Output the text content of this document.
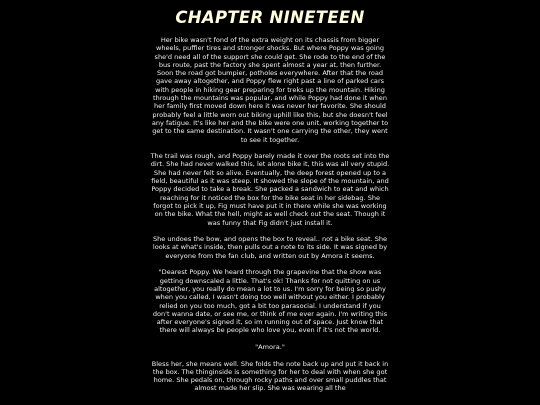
CHAPTER NINETEEN

Her bike wasn't fond of the extra weight on its chassis from bigger wheels, puffier tires and stronger shocks. But where Poppy was going she'd need all of the support she could get. She rode to the end of the bus route, past the factory she spent almost a year at, then further. Soon the road got bumpier, potholes everywhere. After that the road gave away altogether, and Poppy flew right past a line of parked cars with people in hiking gear preparing for treks up the mountain. Hiking through the mountains was popular, and while Poppy had done it when her family first moved down here it was never her favorite. She should probably feel a little worn out biking uphill like this, but she doesn't feel any fatigue. It's like her and the bike were one unit, working together to get to the same destination. It wasn't one carrying the other, they went to see it together.

The trail was rough, and Poppy barely made it over the roots set into the dirt. She had never walked this, let alone bike it, this was all very stupid. She had never felt so alive. Eventually, the deep forest opened up to a field, beautiful as it was steep. It showed the slope of the mountain, and Poppy decided to take a break. She packed a sandwich to eat and which reaching for it noticed the box for the bike seat in her sidebag. She forgot to pick it up, Fig must have put it in there while she was working on the bike. What the hell, might as well check out the seat. Though it was funny that Fig didn't just install it.

She undoes the bow, and opens the box to reveal.. not a bike seat. She looks at what's inside, then pulls out a note to its side. It was signed by everyone from the fan club, and written out by Amora it seems.

"Dearest Poppy. We heard through the grapevine that the show was getting downscaled a little. That's ok! Thanks for not quitting on us altogether, you really do mean a lot to us. I'm sorry for being so pushy when you called, I wasn't doing too well without you either. I probably relied on you too much, got a bit too parasocial. I understand if you don't wanna date, or see me, or think of me ever again. I'm writing this after everyone's signed it, so im running out of space. Just know that there will always be people who love you, even if it's not the world.

"Amora."

Bless her, she means well. She folds the note back up and put it back in the box. The thinginside is something for her to deal with when she got home. She pedals on, through rocky paths and over small puddles that almost made her slip. She was wearing all the
